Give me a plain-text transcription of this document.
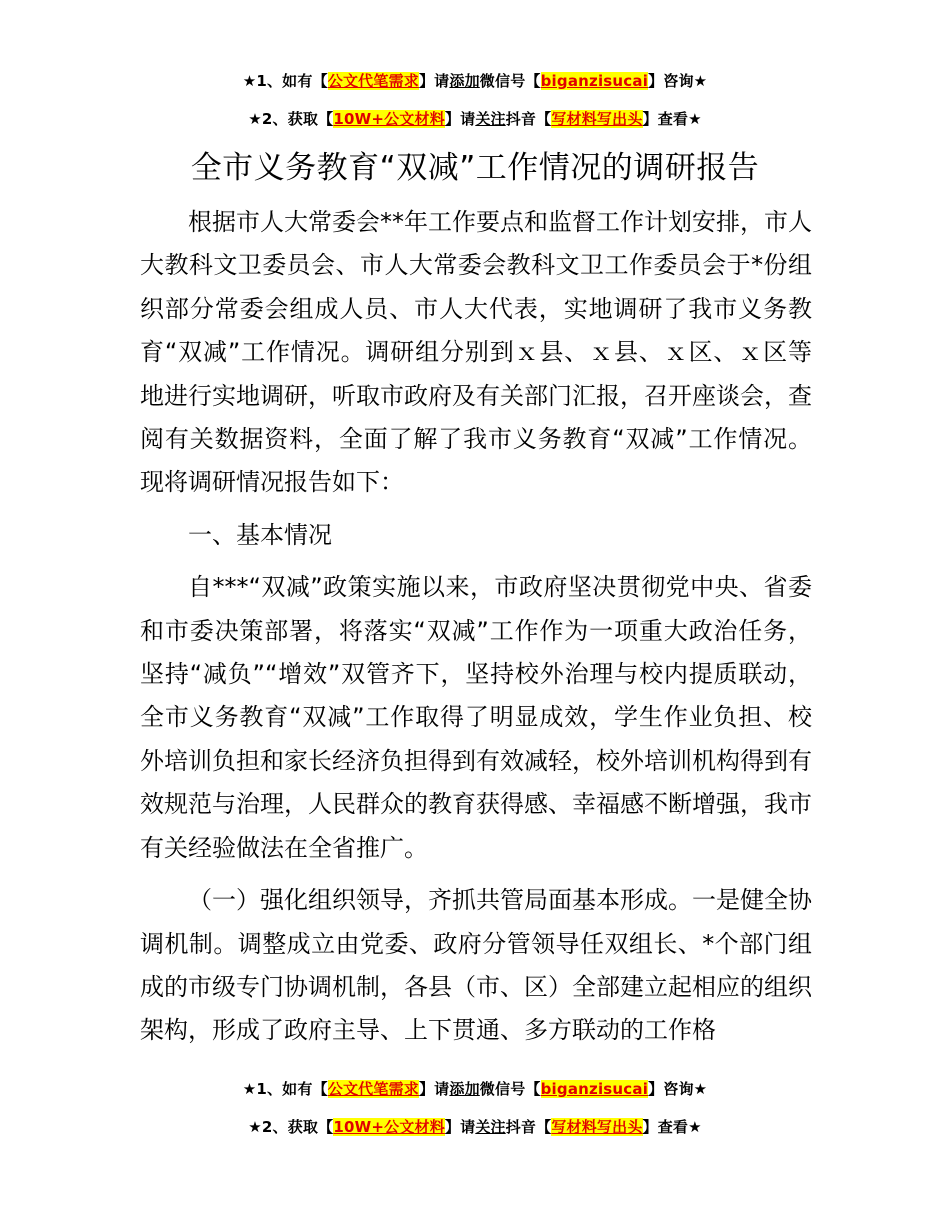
★1、如有【公文代笔需求】请添加微信号【biganzisucai】咨询★
★2、获取【10W+公文材料】请关注抖音【写材料写出头】查看★
全市义务教育“双减”工作情况的调研报告

根据市人大常委会**年工作要点和监督工作计划安排，市人大教科文卫委员会、市人大常委会教科文卫工作委员会于*份组织部分常委会组成人员、市人大代表，实地调研了我市义务教育“双减”工作情况。调研组分别到ｘ县、ｘ县、ｘ区、ｘ区等地进行实地调研，听取市政府及有关部门汇报，召开座谈会，查阅有关数据资料，全面了解了我市义务教育“双减”工作情况。现将调研情况报告如下：

一、基本情况

自***“双减”政策实施以来，市政府坚决贯彻党中央、省委和市委决策部署，将落实“双减”工作作为一项重大政治任务，坚持“减负”“增效”双管齐下，坚持校外治理与校内提质联动，全市义务教育“双减”工作取得了明显成效，学生作业负担、校外培训负担和家长经济负担得到有效减轻，校外培训机构得到有效规范与治理，人民群众的教育获得感、幸福感不断增强，我市有关经验做法在全省推广。

（一）强化组织领导，齐抓共管局面基本形成。一是健全协调机制。调整成立由党委、政府分管领导任双组长、*个部门组成的市级专门协调机制，各县（市、区）全部建立起相应的组织架构，形成了政府主导、上下贯通、多方联动的工作格

★1、如有【公文代笔需求】请添加微信号【biganzisucai】咨询★
★2、获取【10W+公文材料】请关注抖音【写材料写出头】查看★
